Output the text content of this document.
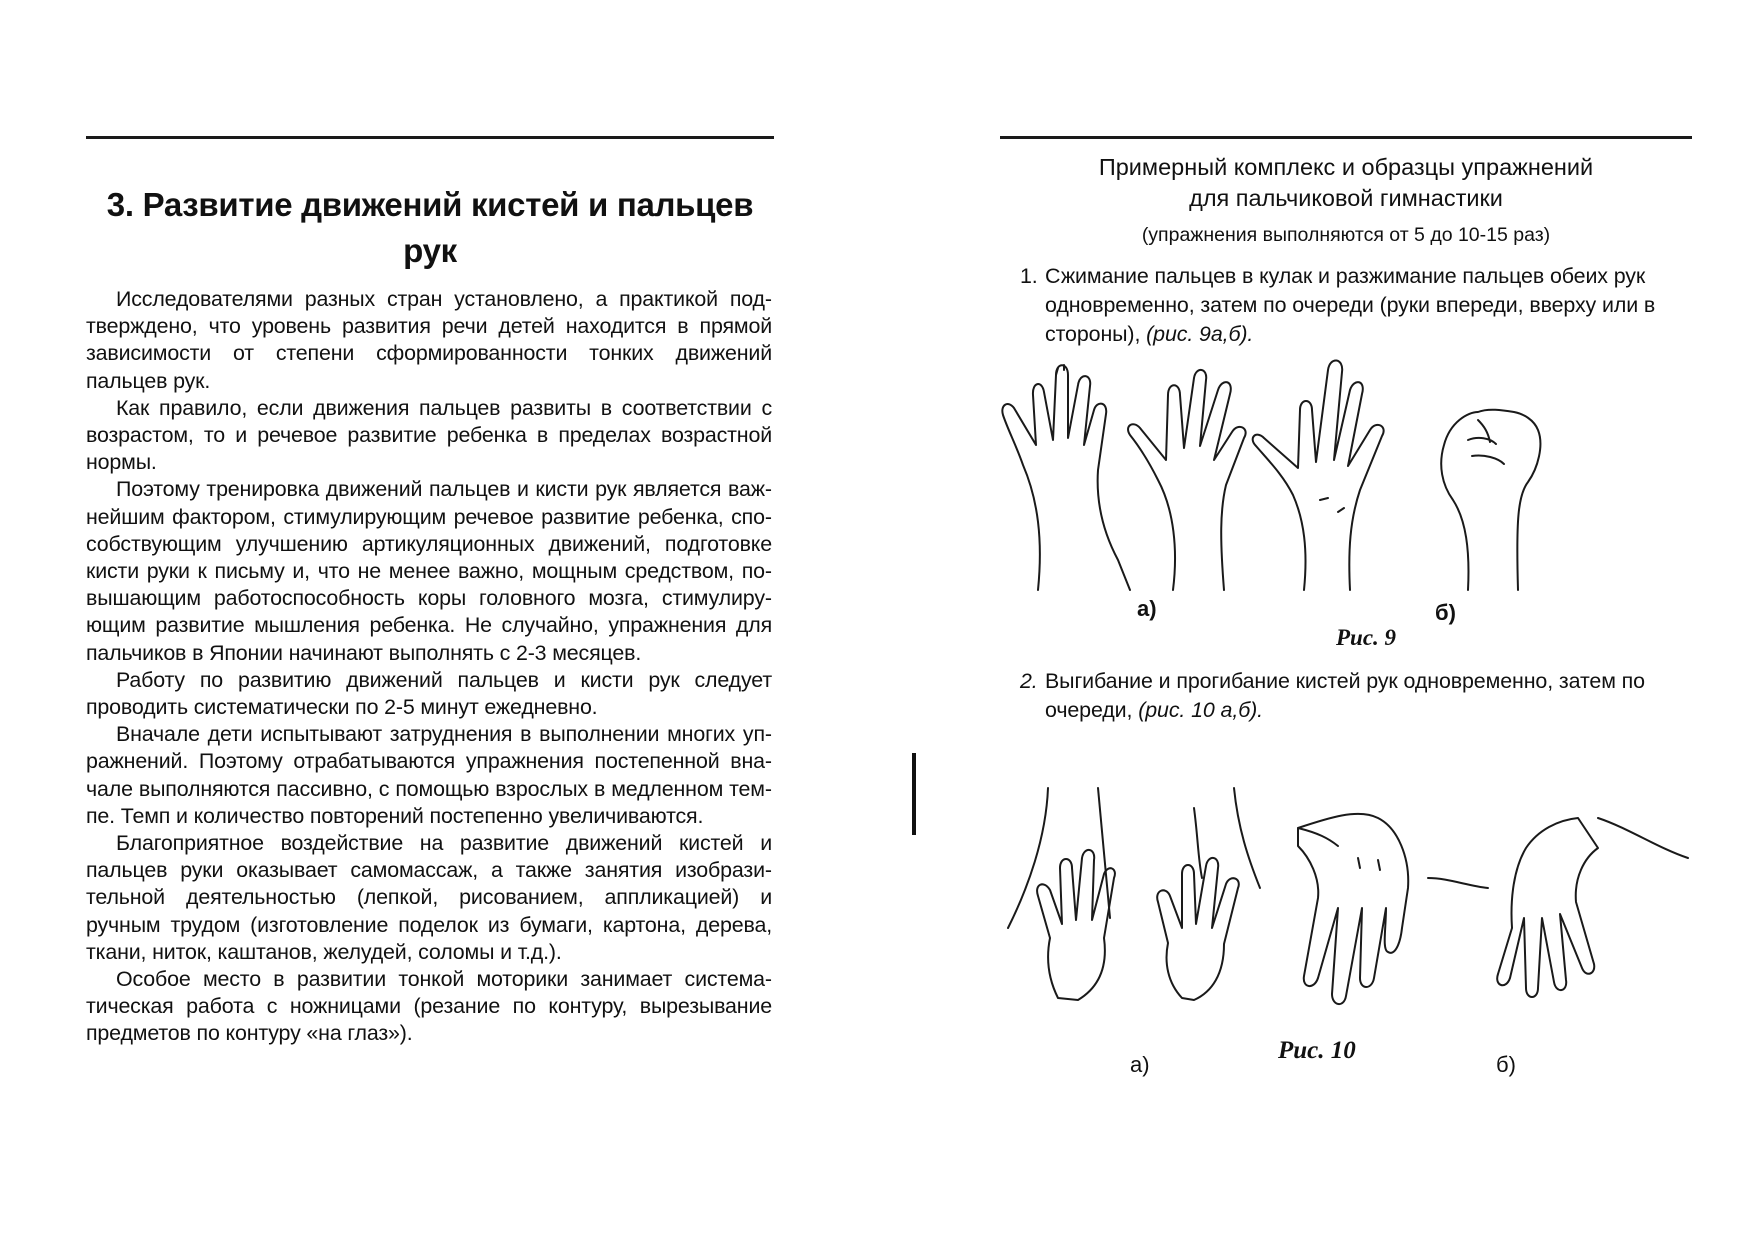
3. Развитие движений кистей и пальцев
рук

Исследователями разных стран установлено, а практикой подтверждено, что уровень развития речи детей находится в прямой зависимости от степени сформированности тонких движений пальцев рук.

Как правило, если движения пальцев развиты в соответствии с возрастом, то и речевое развитие ребенка в пределах возрастной нормы.

Поэтому тренировка движений пальцев и кисти рук является важнейшим фактором, стимулирующим речевое развитие ребенка, способствующим улучшению артикуляционных движений, подготовке кисти руки к письму и, что не менее важно, мощным средством, повышающим работоспособность коры головного мозга, стимулирующим развитие мышления ребенка. Не случайно, упражнения для пальчиков в Японии начинают выполнять с 2-3 месяцев.

Работу по развитию движений пальцев и кисти рук следует проводить систематически по 2-5 минут ежедневно.

Вначале дети испытывают затруднения в выполнении многих упражнений. Поэтому отрабатываются упражнения постепенной вначале выполняются пассивно, с помощью взрослых в медленном темпе. Темп и количество повторений постепенно увеличиваются.

Благоприятное воздействие на развитие движений кистей и пальцев руки оказывает самомассаж, а также занятия изобразительной деятельностью (лепкой, рисованием, аппликацией) и ручным трудом (изготовление поделок из бумаги, картона, дерева, ткани, ниток, каштанов, желудей, соломы и т.д.).

Особое место в развитии тонкой моторики занимает систематическая работа с ножницами (резание по контуру, вырезывание предметов по контуру «на глаз»).

Примерный комплекс и образцы упражнений
для пальчиковой гимнастики
(упражнения выполняются от 5 до 10-15 раз)
1. Сжимание пальцев в кулак и разжимание пальцев обеих рук одновременно, затем по очереди (руки впереди, вверху или в стороны), (рис. 9а,б).
а)	б)
Рис. 9
2. Выгибание и прогибание кистей рук одновременно, затем по очереди, (рис. 10 а,б).
а)
Рис. 10
б)
